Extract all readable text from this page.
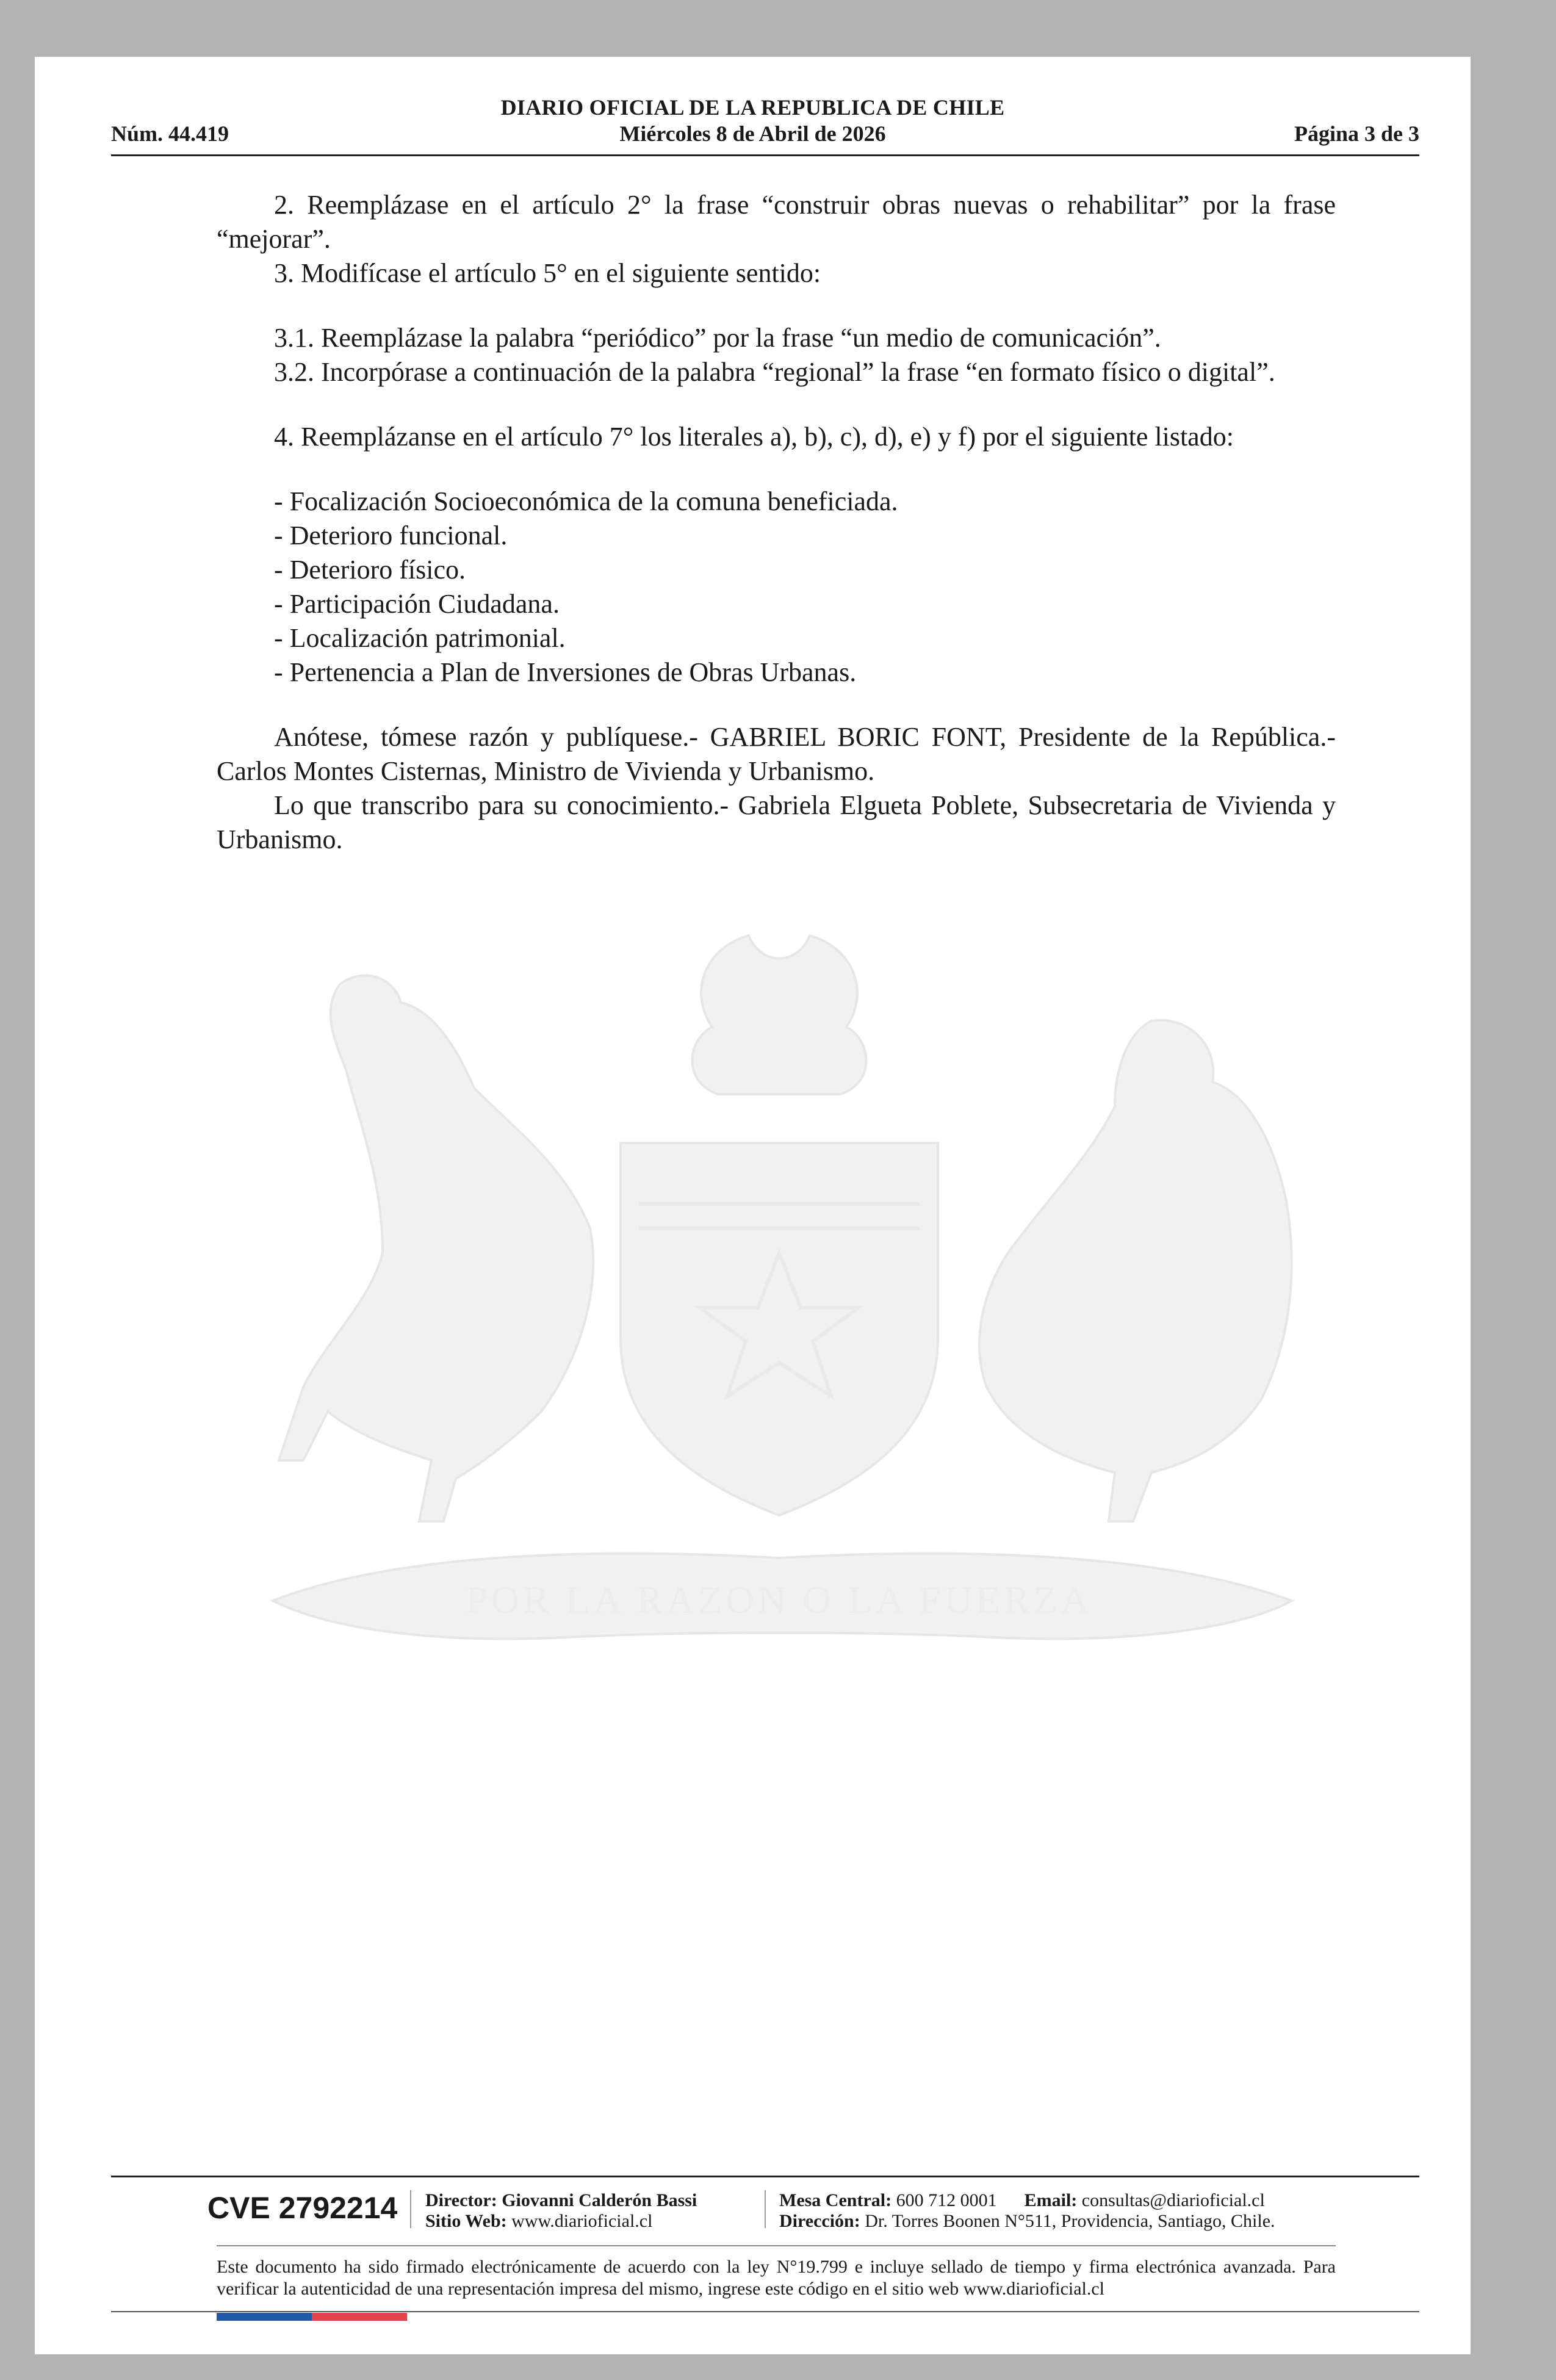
DIARIO OFICIAL DE LA REPUBLICA DE CHILE
Núm. 44.419	Miércoles 8 de Abril de 2026	Página 3 de 3
POR LA RAZON O LA FUERZA

2. Reemplázase en el artículo 2° la frase “construir obras nuevas o rehabilitar” por la frase “mejorar”.

3. Modifícase el artículo 5° en el siguiente sentido:

3.1. Reemplázase la palabra “periódico” por la frase “un medio de comunicación”.

3.2. Incorpórase a continuación de la palabra “regional” la frase “en formato físico o digital”.

4. Reemplázanse en el artículo 7° los literales a), b), c), d), e) y f) por el siguiente listado:

- Focalización Socioeconómica de la comuna beneficiada.
- Deterioro funcional.
- Deterioro físico.
- Participación Ciudadana.
- Localización patrimonial.
- Pertenencia a Plan de Inversiones de Obras Urbanas.

Anótese, tómese razón y publíquese.- GABRIEL BORIC FONT, Presidente de la República.- Carlos Montes Cisternas, Ministro de Vivienda y Urbanismo.

Lo que transcribo para su conocimiento.- Gabriela Elgueta Poblete, Subsecretaria de Vivienda y Urbanismo.

CVE 2792214 Director: Giovanni Calderón Bassi
Sitio Web: www.diarioficial.cl
Mesa Central: 600 712 0001 Email: consultas@diarioficial.cl
Dirección: Dr. Torres Boonen N°511, Providencia, Santiago, Chile.
Este documento ha sido firmado electrónicamente de acuerdo con la ley N°19.799 e incluye sellado de tiempo y firma electrónica avanzada. Para verificar la autenticidad de una representación impresa del mismo, ingrese este código en el sitio web www.diarioficial.cl
